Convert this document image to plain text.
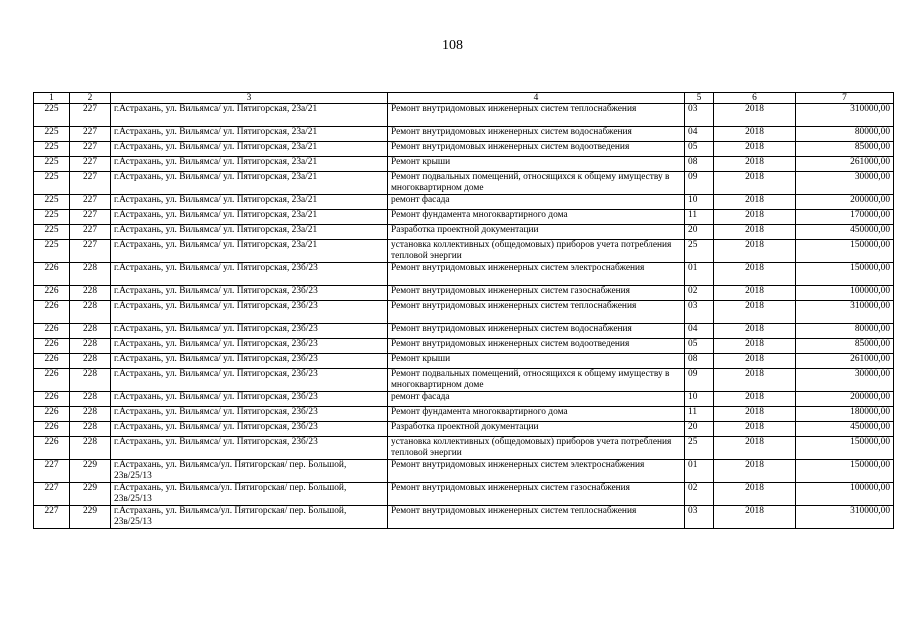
108
1	2	3	4	5	6	7
225	227	г.Астрахань, ул. Вильямса/ ул. Пятигорская, 23а/21	Ремонт внутридомовых инженерных систем теплоснабжения	03	2018	310000,00
225	227	г.Астрахань, ул. Вильямса/ ул. Пятигорская, 23а/21	Ремонт внутридомовых инженерных систем водоснабжения	04	2018	80000,00
225	227	г.Астрахань, ул. Вильямса/ ул. Пятигорская, 23а/21	Ремонт внутридомовых инженерных систем водоотведения	05	2018	85000,00
225	227	г.Астрахань, ул. Вильямса/ ул. Пятигорская, 23а/21	Ремонт крыши	08	2018	261000,00
225	227	г.Астрахань, ул. Вильямса/ ул. Пятигорская, 23а/21	Ремонт подвальных помещений, относящихся к общему имуществу в многоквартирном доме	09	2018	30000,00
225	227	г.Астрахань, ул. Вильямса/ ул. Пятигорская, 23а/21	ремонт фасада	10	2018	200000,00
225	227	г.Астрахань, ул. Вильямса/ ул. Пятигорская, 23а/21	Ремонт фундамента многоквартирного дома	11	2018	170000,00
225	227	г.Астрахань, ул. Вильямса/ ул. Пятигорская, 23а/21	Разработка проектной документации	20	2018	450000,00
225	227	г.Астрахань, ул. Вильямса/ ул. Пятигорская, 23а/21	установка коллективных (общедомовых) приборов учета потребления тепловой энергии	25	2018	150000,00
226	228	г.Астрахань, ул. Вильямса/ ул. Пятигорская, 23б/23	Ремонт внутридомовых инженерных систем электроснабжения	01	2018	150000,00
226	228	г.Астрахань, ул. Вильямса/ ул. Пятигорская, 23б/23	Ремонт внутридомовых инженерных систем газоснабжения	02	2018	100000,00
226	228	г.Астрахань, ул. Вильямса/ ул. Пятигорская, 23б/23	Ремонт внутридомовых инженерных систем теплоснабжения	03	2018	310000,00
226	228	г.Астрахань, ул. Вильямса/ ул. Пятигорская, 23б/23	Ремонт внутридомовых инженерных систем водоснабжения	04	2018	80000,00
226	228	г.Астрахань, ул. Вильямса/ ул. Пятигорская, 23б/23	Ремонт внутридомовых инженерных систем водоотведения	05	2018	85000,00
226	228	г.Астрахань, ул. Вильямса/ ул. Пятигорская, 23б/23	Ремонт крыши	08	2018	261000,00
226	228	г.Астрахань, ул. Вильямса/ ул. Пятигорская, 23б/23	Ремонт подвальных помещений, относящихся к общему имуществу в многоквартирном доме	09	2018	30000,00
226	228	г.Астрахань, ул. Вильямса/ ул. Пятигорская, 23б/23	ремонт фасада	10	2018	200000,00
226	228	г.Астрахань, ул. Вильямса/ ул. Пятигорская, 23б/23	Ремонт фундамента многоквартирного дома	11	2018	180000,00
226	228	г.Астрахань, ул. Вильямса/ ул. Пятигорская, 23б/23	Разработка проектной документации	20	2018	450000,00
226	228	г.Астрахань, ул. Вильямса/ ул. Пятигорская, 23б/23	установка коллективных (общедомовых) приборов учета потребления тепловой энергии	25	2018	150000,00
227	229	г.Астрахань, ул. Вильямса/ул. Пятигорская/ пер. Большой, 23в/25/13	Ремонт внутридомовых инженерных систем электроснабжения	01	2018	150000,00
227	229	г.Астрахань, ул. Вильямса/ул. Пятигорская/ пер. Большой, 23в/25/13	Ремонт внутридомовых инженерных систем газоснабжения	02	2018	100000,00
227	229	г.Астрахань, ул. Вильямса/ул. Пятигорская/ пер. Большой, 23в/25/13	Ремонт внутридомовых инженерных систем теплоснабжения	03	2018	310000,00
